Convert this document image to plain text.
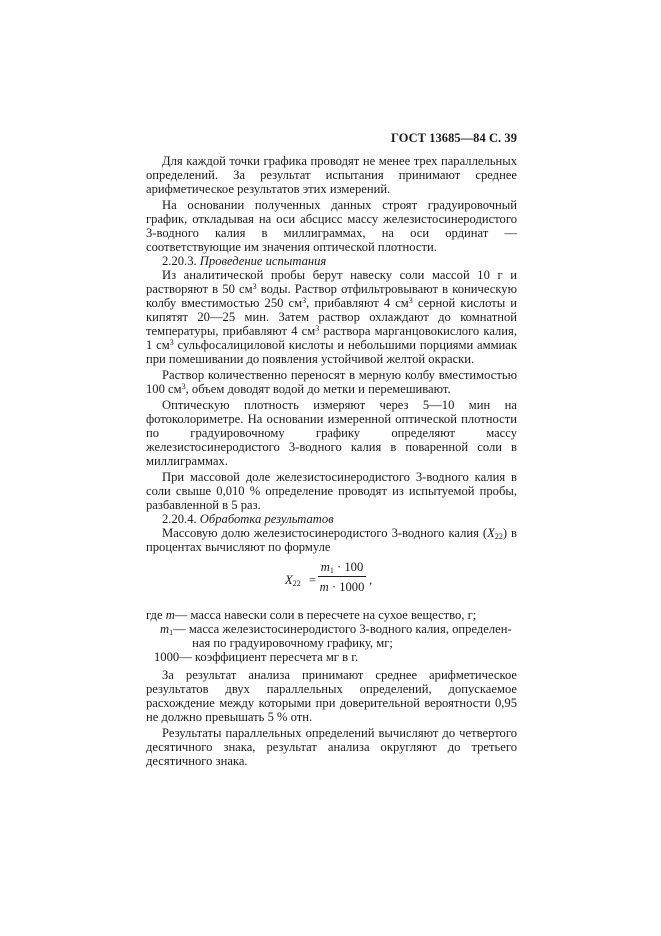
ГОСТ 13685—84 С. 39

Для каждой точки графика проводят не менее трех параллельных определений. За результат испытания принимают среднее арифметическое результатов этих измерений.

На основании полученных данных строят градуировочный график, откладывая на оси абсцисс массу железистосинеродистого 3-водного калия в миллиграммах, на оси ординат — соответствующие им значения оптической плотности.

2.20.3. Проведение испытания

Из аналитической пробы берут навеску соли массой 10 г и растворяют в 50 $см^3$ воды. Раствор отфильтровывают в коническую колбу вместимостью 250 $см^3$, прибавляют 4 $см^3$ серной кислоты и кипятят 20—25 мин. Затем раствор охлаждают до комнатной температуры, прибавляют 4 $см^3$ раствора марганцовокислого калия, 1 $см^3$ сульфосалициловой кислоты и небольшими порциями аммиак при помешивании до появления устойчивой желтой окраски.

Раствор количественно переносят в мерную колбу вместимостью 100 $см^3$, объем доводят водой до метки и перемешивают.

Оптическую плотность измеряют через 5—10 мин на фотоколориметре. На основании измеренной оптической плотности по градуировочному графику определяют массу железистосинеродистого 3-водного калия в поваренной соли в миллиграммах.

При массовой доле железистосинеродистого 3-водного калия в соли свыше 0,010 % определение проводят из испытуемой пробы, разбавленной в 5 раз.

2.20.4. Обработка результатов

Массовую долю железистосинеродистого 3-водного калия $(X_{22})$ в процентах вычисляют по формуле

$X_{22}$ =
$m_1 \cdot 100$
m · 1000 ,
где m — масса навески соли в пересчете на сухое вещество, г;
$m_1$ — масса железистосинеродистого 3-водного калия, определен-
ная по градуировочному графику, мг;
1000 — коэффициент пересчета мг в г.

За результат анализа принимают среднее арифметическое результатов двух параллельных определений, допускаемое расхождение между которыми при доверительной вероятности 0,95 не должно превышать 5 % отн.

Результаты параллельных определений вычисляют до четвертого десятичного знака, результат анализа округляют до третьего десятичного знака.
